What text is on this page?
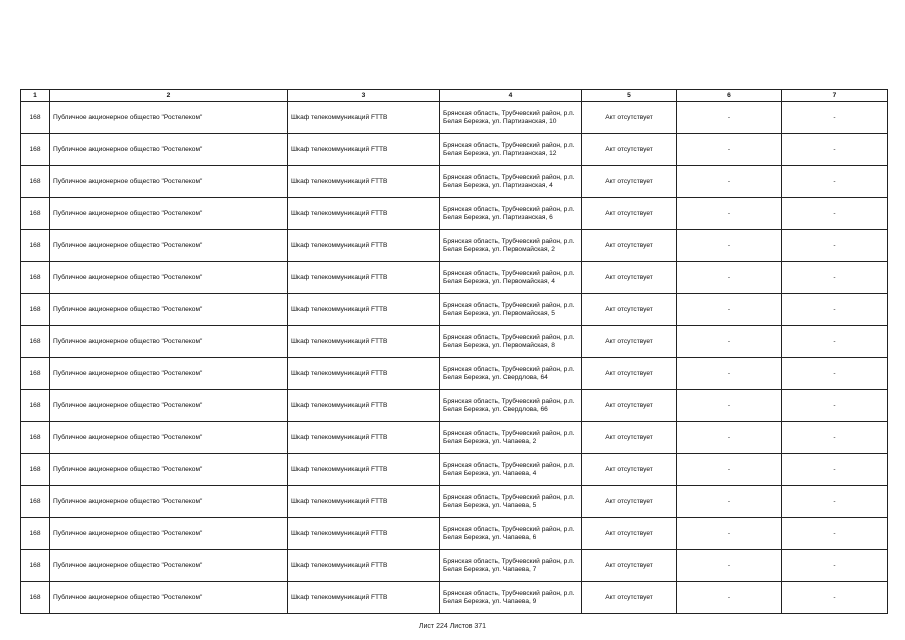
1	2	3	4	5	6	7
168	Публичное акционерное общество "Ростелеком"	Шкаф телекоммуникаций FTTB	Брянская область, Трубчевский район, р.п. Белая Березка, ул. Партизанская, 10	Акт отсутствует	-	-
168	Публичное акционерное общество "Ростелеком"	Шкаф телекоммуникаций FTTB	Брянская область, Трубчевский район, р.п. Белая Березка, ул. Партизанская, 12	Акт отсутствует	-	-
168	Публичное акционерное общество "Ростелеком"	Шкаф телекоммуникаций FTTB	Брянская область, Трубчевский район, р.п. Белая Березка, ул. Партизанская, 4	Акт отсутствует	-	-
168	Публичное акционерное общество "Ростелеком"	Шкаф телекоммуникаций FTTB	Брянская область, Трубчевский район, р.п. Белая Березка, ул. Партизанская, 6	Акт отсутствует	-	-
168	Публичное акционерное общество "Ростелеком"	Шкаф телекоммуникаций FTTB	Брянская область, Трубчевский район, р.п. Белая Березка, ул. Первомайская, 2	Акт отсутствует	-	-
168	Публичное акционерное общество "Ростелеком"	Шкаф телекоммуникаций FTTB	Брянская область, Трубчевский район, р.п. Белая Березка, ул. Первомайская, 4	Акт отсутствует	-	-
168	Публичное акционерное общество "Ростелеком"	Шкаф телекоммуникаций FTTB	Брянская область, Трубчевский район, р.п. Белая Березка, ул. Первомайская, 5	Акт отсутствует	-	-
168	Публичное акционерное общество "Ростелеком"	Шкаф телекоммуникаций FTTB	Брянская область, Трубчевский район, р.п. Белая Березка, ул. Первомайская, 8	Акт отсутствует	-	-
168	Публичное акционерное общество "Ростелеком"	Шкаф телекоммуникаций FTTB	Брянская область, Трубчевский район, р.п. Белая Березка, ул. Свердлова, 64	Акт отсутствует	-	-
168	Публичное акционерное общество "Ростелеком"	Шкаф телекоммуникаций FTTB	Брянская область, Трубчевский район, р.п. Белая Березка, ул. Свердлова, 66	Акт отсутствует	-	-
168	Публичное акционерное общество "Ростелеком"	Шкаф телекоммуникаций FTTB	Брянская область, Трубчевский район, р.п. Белая Березка, ул. Чапаева, 2	Акт отсутствует	-	-
168	Публичное акционерное общество "Ростелеком"	Шкаф телекоммуникаций FTTB	Брянская область, Трубчевский район, р.п. Белая Березка, ул. Чапаева, 4	Акт отсутствует	-	-
168	Публичное акционерное общество "Ростелеком"	Шкаф телекоммуникаций FTTB	Брянская область, Трубчевский район, р.п. Белая Березка, ул. Чапаева, 5	Акт отсутствует	-	-
168	Публичное акционерное общество "Ростелеком"	Шкаф телекоммуникаций FTTB	Брянская область, Трубчевский район, р.п. Белая Березка, ул. Чапаева, 6	Акт отсутствует	-	-
168	Публичное акционерное общество "Ростелеком"	Шкаф телекоммуникаций FTTB	Брянская область, Трубчевский район, р.п. Белая Березка, ул. Чапаева, 7	Акт отсутствует	-	-
168	Публичное акционерное общество "Ростелеком"	Шкаф телекоммуникаций FTTB	Брянская область, Трубчевский район, р.п. Белая Березка, ул. Чапаева, 9	Акт отсутствует	-	-
Лист 224 Листов 371
